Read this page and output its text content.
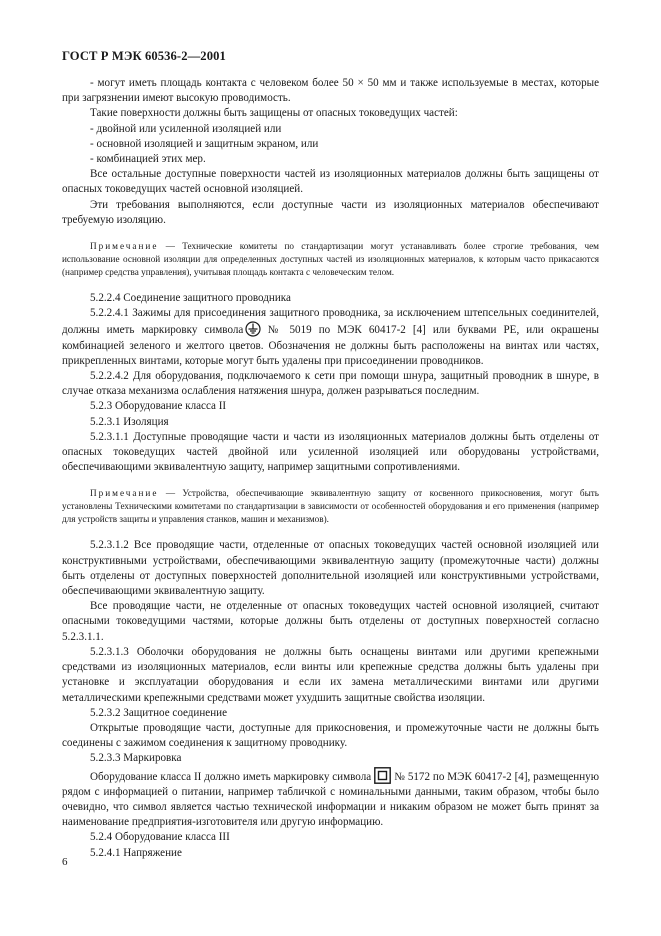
ГОСТ Р МЭК 60536-2—2001

- могут иметь площадь контакта с человеком более 50 × 50 мм и также используемые в местах, которые при загрязнении имеют высокую проводимость.

Такие поверхности должны быть защищены от опасных токоведущих частей:

- двойной или усиленной изоляцией или

- основной изоляцией и защитным экраном, или

- комбинацией этих мер.

Все остальные доступные поверхности частей из изоляционных материалов должны быть защищены от опасных токоведущих частей основной изоляцией.

Эти требования выполняются, если доступные части из изоляционных материалов обеспечивают требуемую изоляцию.

Примечание — Технические комитеты по стандартизации могут устанавливать более строгие требования, чем использование основной изоляции для определенных доступных частей из изоляционных материалов, к которым часто прикасаются (например средства управления), учитывая площадь контакта с человеческим телом.

5.2.2.4 Соединение защитного проводника

5.2.2.4.1 Зажимы для присоединения защитного проводника, за исключением штепсельных соединителей, должны иметь маркировку символа № 5019 по МЭК 60417-2 [4] или буквами PE, или окрашены комбинацией зеленого и желтого цветов. Обозначения не должны быть расположены на винтах или частях, прикрепленных винтами, которые могут быть удалены при присоединении проводников.

5.2.2.4.2 Для оборудования, подключаемого к сети при помощи шнура, защитный проводник в шнуре, в случае отказа механизма ослабления натяжения шнура, должен разрываться последним.

5.2.3 Оборудование класса II

5.2.3.1 Изоляция

5.2.3.1.1 Доступные проводящие части и части из изоляционных материалов должны быть отделены от опасных токоведущих частей двойной или усиленной изоляцией или оборудованы устройствами, обеспечивающими эквивалентную защиту, например защитными сопротивлениями.

Примечание — Устройства, обеспечивающие эквивалентную защиту от косвенного прикосновения, могут быть установлены Техническими комитетами по стандартизации в зависимости от особенностей оборудования и его применения (например для устройств защиты и управления станков, машин и механизмов).

5.2.3.1.2 Все проводящие части, отделенные от опасных токоведущих частей основной изоляцией или конструктивными устройствами, обеспечивающими эквивалентную защиту (промежуточные части) должны быть отделены от доступных поверхностей дополнительной изоляцией или конструктивными устройствами, обеспечивающими эквивалентную защиту.

Все проводящие части, не отделенные от опасных токоведущих частей основной изоляцией, считают опасными токоведущими частями, которые должны быть отделены от доступных поверхностей согласно 5.2.3.1.1.

5.2.3.1.3 Оболочки оборудования не должны быть оснащены винтами или другими крепежными средствами из изоляционных материалов, если винты или крепежные средства должны быть удалены при установке и эксплуатации оборудования и если их замена металлическими винтами или другими металлическими крепежными средствами может ухудшить защитные свойства изоляции.

5.2.3.2 Защитное соединение

Открытые проводящие части, доступные для прикосновения, и промежуточные части не должны быть соединены с зажимом соединения к защитному проводнику.

5.2.3.3 Маркировка

Оборудование класса II должно иметь маркировку символа № 5172 по МЭК 60417-2 [4], размещенную рядом с информацией о питании, например табличкой с номинальными данными, таким образом, чтобы было очевидно, что символ является частью технической информации и никаким образом не может быть принят за наименование предприятия-изготовителя или другую информацию.

5.2.4 Оборудование класса III

5.2.4.1 Напряжение

6
